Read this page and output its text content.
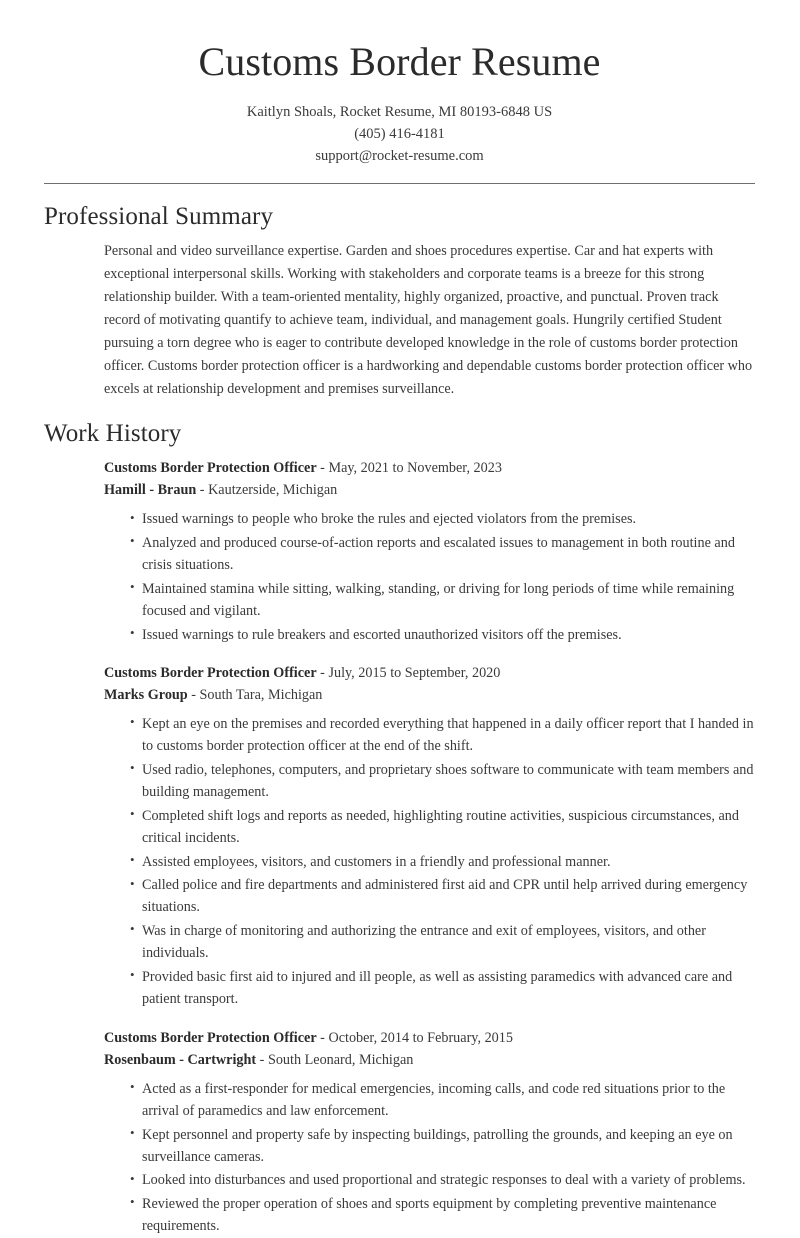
Customs Border Resume
Kaitlyn Shoals, Rocket Resume, MI 80193-6848 US
(405) 416-4181
support@rocket-resume.com
Professional Summary

Personal and video surveillance expertise. Garden and shoes procedures expertise. Car and hat experts with exceptional interpersonal skills. Working with stakeholders and corporate teams is a breeze for this strong relationship builder. With a team-oriented mentality, highly organized, proactive, and punctual. Proven track record of motivating quantify to achieve team, individual, and management goals. Hungrily certified Student pursuing a torn degree who is eager to contribute developed knowledge in the role of customs border protection officer. Customs border protection officer is a hardworking and dependable customs border protection officer who excels at relationship development and premises surveillance.

Work History
Customs Border Protection Officer - May, 2021 to November, 2023
Hamill - Braun - Kautzerside, Michigan
• Issued warnings to people who broke the rules and ejected violators from the premises.
• Analyzed and produced course-of-action reports and escalated issues to management in both routine and crisis situations.
• Maintained stamina while sitting, walking, standing, or driving for long periods of time while remaining focused and vigilant.
• Issued warnings to rule breakers and escorted unauthorized visitors off the premises.
Customs Border Protection Officer - July, 2015 to September, 2020
Marks Group - South Tara, Michigan
• Kept an eye on the premises and recorded everything that happened in a daily officer report that I handed in to customs border protection officer at the end of the shift.
• Used radio, telephones, computers, and proprietary shoes software to communicate with team members and building management.
• Completed shift logs and reports as needed, highlighting routine activities, suspicious circumstances, and critical incidents.
• Assisted employees, visitors, and customers in a friendly and professional manner.
• Called police and fire departments and administered first aid and CPR until help arrived during emergency situations.
• Was in charge of monitoring and authorizing the entrance and exit of employees, visitors, and other individuals.
• Provided basic first aid to injured and ill people, as well as assisting paramedics with advanced care and patient transport.
Customs Border Protection Officer - October, 2014 to February, 2015
Rosenbaum - Cartwright - South Leonard, Michigan
• Acted as a first-responder for medical emergencies, incoming calls, and code red situations prior to the arrival of paramedics and law enforcement.
• Kept personnel and property safe by inspecting buildings, patrolling the grounds, and keeping an eye on surveillance cameras.
• Looked into disturbances and used proportional and strategic responses to deal with a variety of problems.
• Reviewed the proper operation of shoes and sports equipment by completing preventive maintenance requirements.
